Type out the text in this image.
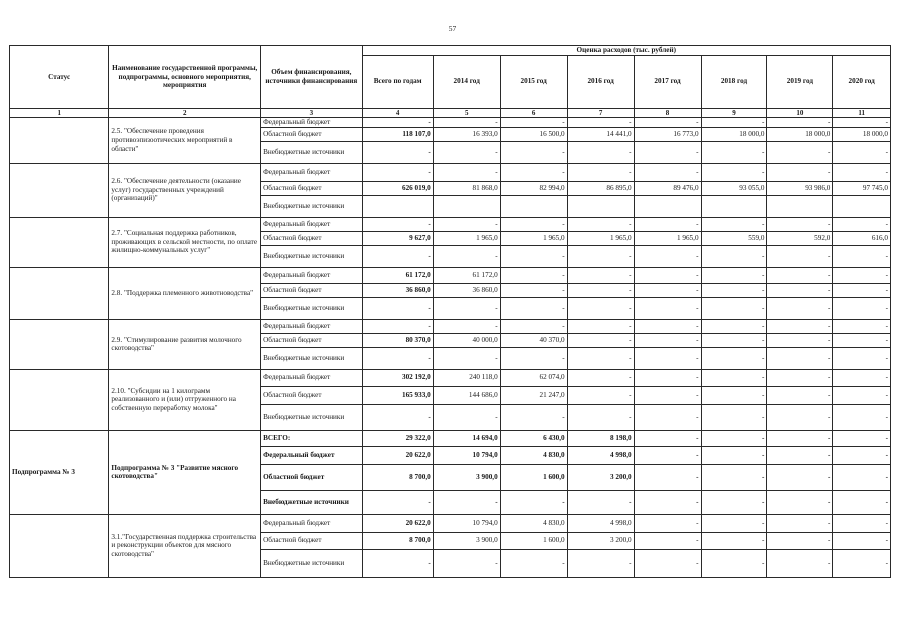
57
Статус	Наименование государственной программы, подпрограммы, основного мероприятия, мероприятия	Объем финансирования, источники финансирования	Оценка расходов (тыс. рублей)							
			Всего по годам	2014 год	2015 год	2016 год	2017 год	2018 год	2019 год	2020 год
1	2	3	4	5	6	7	8	9	10	11
	2.5. "Обеспечение проведения противоэпизоотических мероприятий в области"	Федеральный бюджет	-	-	-	-	-	-	-	-
		Областной бюджет	118 107,0	16 393,0	16 500,0	14 441,0	16 773,0	18 000,0	18 000,0	18 000,0
		Внебюджетные источники	-	-	-	-	-	-	-	-
	2.6. "Обеспечение деятельности (оказание услуг) государственных учреждений (организаций)"	Федеральный бюджет	-	-	-	-	-	-	-	-
		Областной бюджет	626 019,0	81 868,0	82 994,0	86 895,0	89 476,0	93 055,0	93 986,0	97 745,0
		Внебюджетные источники								
	2.7. "Социальная поддержка работников, проживающих в сельской местности, по оплате жилищно-коммунальных услуг"	Федеральный бюджет	-	-	-	-	-	-	-	-
		Областной бюджет	9 627,0	1 965,0	1 965,0	1 965,0	1 965,0	559,0	592,0	616,0
		Внебюджетные источники	-	-	-	-	-	-	-	-
	2.8. "Поддержка племенного животноводства"	Федеральный бюджет	61 172,0	61 172,0	-	-	-	-	-	-
		Областной бюджет	36 860,0	36 860,0	-	-	-	-	-	-
		Внебюджетные источники	-	-	-	-	-	-	-	-
	2.9. "Стимулирование развития молочного скотоводства"	Федеральный бюджет	-	-	-	-	-	-	-	-
		Областной бюджет	80 370,0	40 000,0	40 370,0	-	-	-	-	-
		Внебюджетные источники	-	-	-	-	-	-	-	-
	2.10. "Субсидии на 1 килограмм реализованного и (или) отгруженного на собственную переработку молока"	Федеральный бюджет	302 192,0	240 118,0	62 074,0	-	-	-	-	-
		Областной бюджет	165 933,0	144 686,0	21 247,0	-	-	-	-	-
		Внебюджетные источники	-	-	-	-	-	-	-	-
Подпрограмма № 3	Подпрограмма № 3 "Развитие мясного скотоводства"	ВСЕГО:	29 322,0	14 694,0	6 430,0	8 198,0	-	-	-	-
		Федеральный бюджет	20 622,0	10 794,0	4 830,0	4 998,0	-	-	-	-
		Областной бюджет	8 700,0	3 900,0	1 600,0	3 200,0	-	-	-	-
		Внебюджетные источники	-	-	-	-	-	-	-	-
	3.1."Государственная поддержка строительства и реконструкции объектов для мясного скотоводства"	Федеральный бюджет	20 622,0	10 794,0	4 830,0	4 998,0	-	-	-	-
		Областной бюджет	8 700,0	3 900,0	1 600,0	3 200,0	-	-	-	-
		Внебюджетные источники	-	-	-	-	-	-	-	-
